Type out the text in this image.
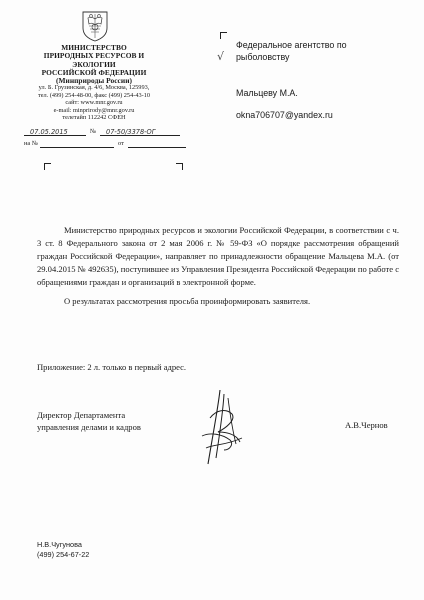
МИНИСТЕРСТВО
ПРИРОДНЫХ РЕСУРСОВ И ЭКОЛОГИИ
РОССИЙСКОЙ ФЕДЕРАЦИИ
(Минприроды России)
ул. Б. Грузинская, д. 4/6, Москва, 125993,
тел. (499) 254-48-00, факс (499) 254-43-10
сайт: www.mnr.gov.ru
e-mail: minprirody@mnr.gov.ru
телетайп 112242 СФЕН
07.05.2015	№ 07-50/3378-ОГ
на №	от
Федеральное агентство по
рыболовству
√
Мальцеву М.А.
okna706707@yandex.ru

Министерство природных ресурсов и экологии Российской Федерации, в соответствии с ч. 3 ст. 8 Федерального закона от 2 мая 2006 г. № 59-ФЗ «О порядке рассмотрения обращений граждан Российской Федерации», направляет по принадлежности обращение Мальцева М.А. (от 29.04.2015 № 492635), поступившее из Управления Президента Российской Федерации по работе с обращениями граждан и организаций в электронной форме.

О результатах рассмотрения просьба проинформировать заявителя.

Приложение: 2 л. только в первый адрес.
Директор Департамента
управления делами и кадров	А.В.Чернов
Н.В.Чугунова
(499) 254-67-22
